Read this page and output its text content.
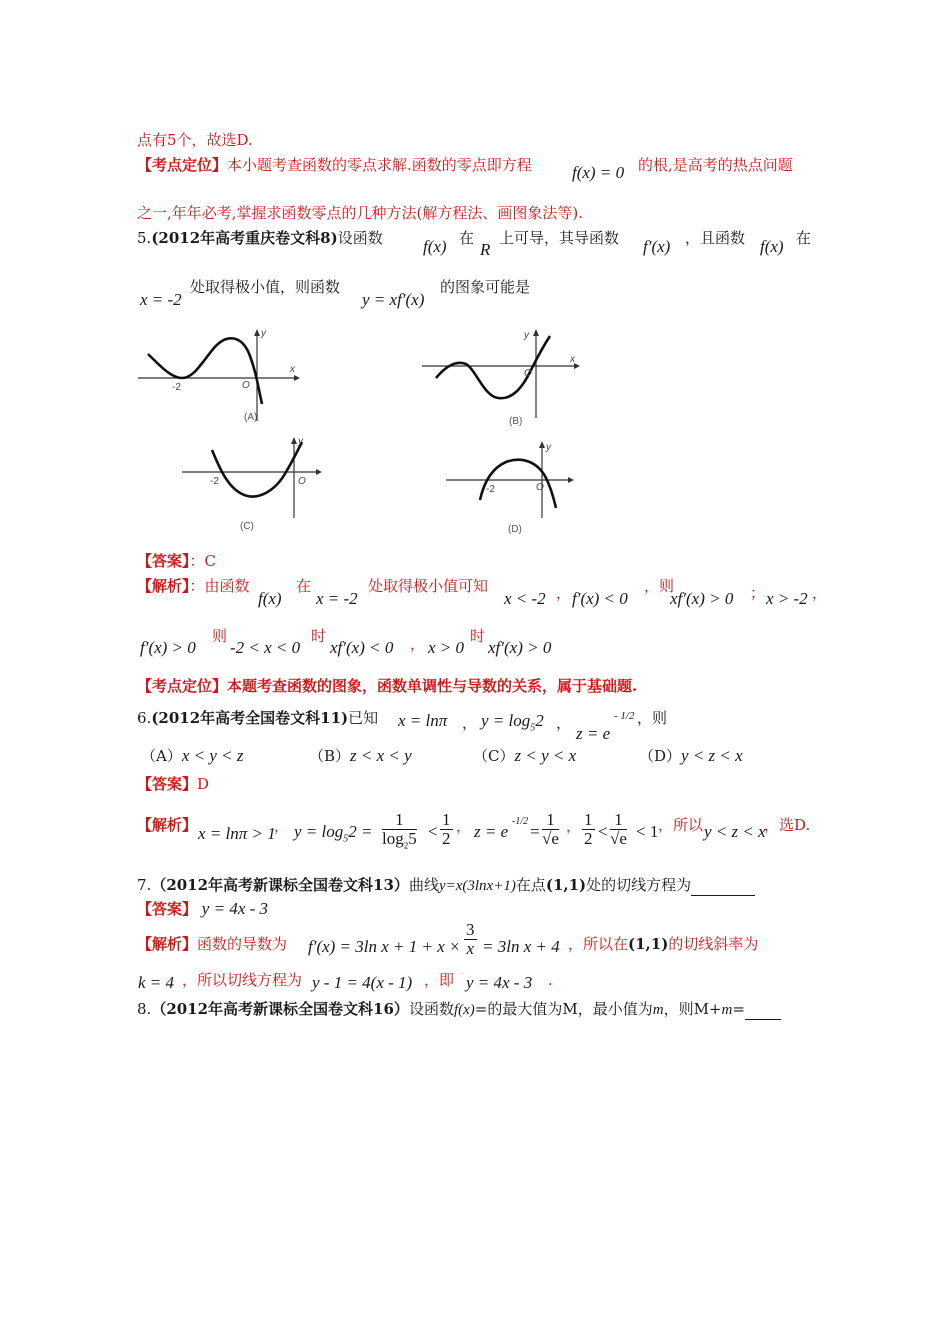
点有5个，故选D.
【考点定位】本小题考查函数的零点求解.函数的零点即方程 f(x) = 0 的根,是高考的热点问题
之一,年年必考,掌握求函数零点的几种方法(解方程法、画图象法等).
5.(2012年高考重庆卷文科8)设函数 f(x) 在
R
上可导，其导函数 f′(x) ，且函数 f(x) 在
x = -2
处取得极小值，则函数
y = xf′(x)
的图象可能是
-2	O
x
y
(A)
O
x
y
(B)
-2	O
y
(C)
-2	O
y
(D)
【答案】：C
【解析】：由函数
f(x)
在
x = -2
处取得极小值可知
x < -2 ， f′(x) < 0
，则
xf′(x) > 0 ； x > -2 ，
f′(x) > 0
则
-2 < x < 0
时
xf′(x) < 0 ， x > 0
时
xf′(x) > 0
【考点定位】本题考查函数的图象，函数单调性与导数的关系，属于基础题.
6.(2012年高考全国卷文科11)已知 x = lnπ ， $y = \log_52$ ，
z = e
- 1/2 ，则
（A）x < y < z	（B）z < x < y	（C）z < y < x	（D）y < z < x
【答案】D
【解析】 x = lnπ > 1
， $y = \log_52 = \frac{1}{\log_25} < \frac{1}{2}$ ， z = e
-1/2
= $\frac{1}{√e}$ ， $\frac{1}{2} < \frac{1}{√e} < 1$ ，所以 y < z < x
，选D.
7.（2012年高考新课标全国卷文科13）曲线y=x(3lnx+1)在点(1,1)处的切线方程为
【答案】 y = 4x - 3
【解析】函数的导数为 f′(x) = 3ln $x + 1 + x \times \frac{3}{x} = 3\ln$ x + 4 ，所以在(1,1)的切线斜率为
k = 4 ，所以切线方程为 y - 1 = 4(x - 1) ，即 y = 4x - 3 .
8.（2012年高考新课标全国卷文科16）设函数f(x)=的最大值为M，最小值为m，则M+m=
